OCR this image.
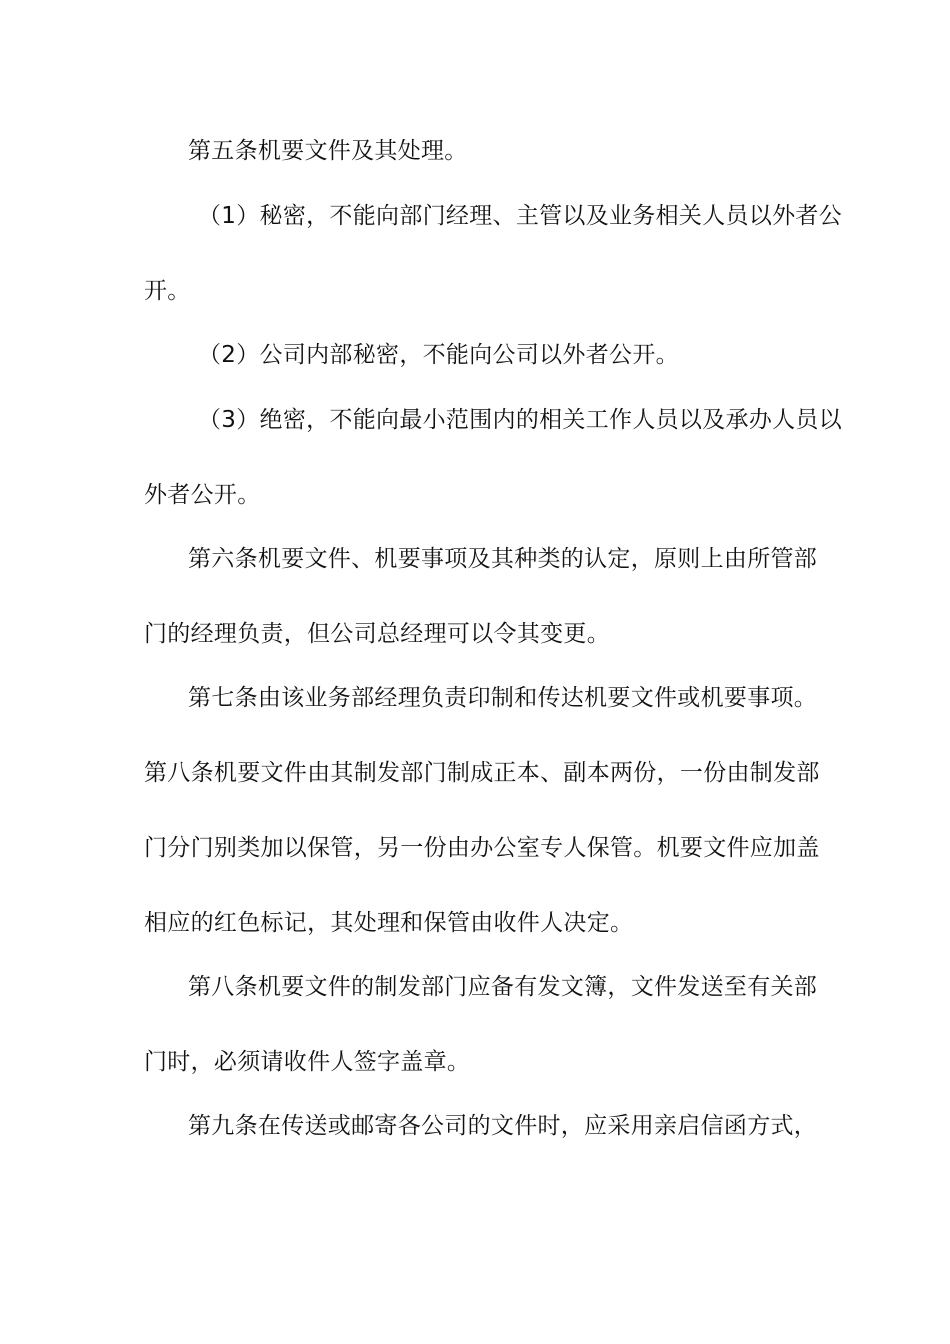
第五条机要文件及其处理。
（1）秘密，不能向部门经理、主管以及业务相关人员以外者公
开。
（2）公司内部秘密，不能向公司以外者公开。
（3）绝密，不能向最小范围内的相关工作人员以及承办人员以
外者公开。
第六条机要文件、机要事项及其种类的认定，原则上由所管部
门的经理负责，但公司总经理可以令其变更。
第七条由该业务部经理负责印制和传达机要文件或机要事项。
第八条机要文件由其制发部门制成正本、副本两份，一份由制发部
门分门别类加以保管，另一份由办公室专人保管。机要文件应加盖
相应的红色标记，其处理和保管由收件人决定。
第八条机要文件的制发部门应备有发文簿，文件发送至有关部
门时，必须请收件人签字盖章。
第九条在传送或邮寄各公司的文件时，应采用亲启信函方式，
